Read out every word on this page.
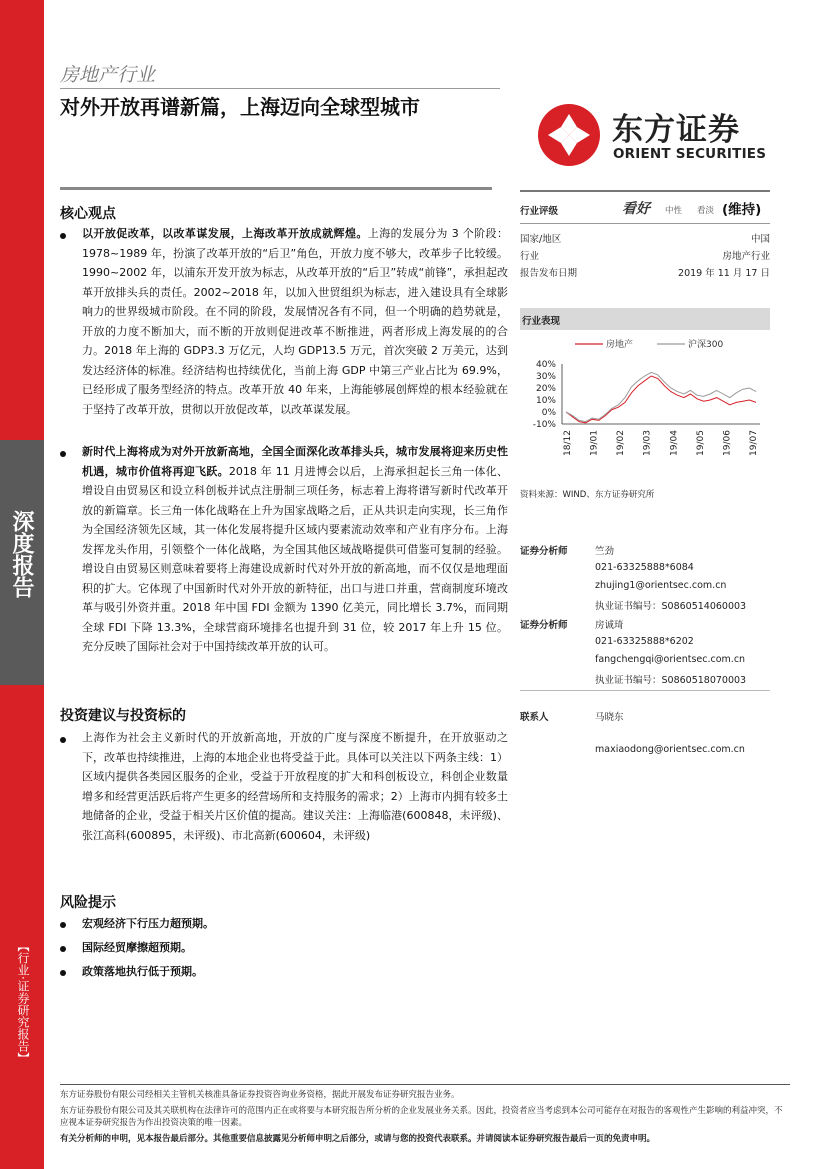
深度报告
【行业·证券研究报告】
房地产行业
对外开放再谱新篇，上海迈向全球型城市
东方证券
ORIENT SECURITIES
核心观点
以开放促改革，以改革谋发展，上海改革开放成就辉煌。上海的发展分为 3 个阶段：1978~1989 年，扮演了改革开放的“后卫”角色，开放力度不够大，改革步子比较缓。1990~2002 年，以浦东开发开放为标志，从改革开放的“后卫”转成“前锋”，承担起改革开放排头兵的责任。2002~2018 年，以加入世贸组织为标志，进入建设具有全球影响力的世界级城市阶段。在不同的阶段，发展情况各有不同，但一个明确的趋势就是，开放的力度不断加大，而不断的开放则促进改革不断推进，两者形成上海发展的的合力。2018 年上海的 GDP3.3 万亿元，人均 GDP13.5 万元，首次突破 2 万美元，达到发达经济体的标准。经济结构也持续优化，当前上海 GDP 中第三产业占比为 69.9%，已经形成了服务型经济的特点。改革开放 40 年来，上海能够展创辉煌的根本经验就在于坚持了改革开放，贯彻以开放促改革，以改革谋发展。
新时代上海将成为对外开放新高地，全国全面深化改革排头兵，城市发展将迎来历史性机遇，城市价值将再迎飞跃。2018 年 11 月进博会以后，上海承担起长三角一体化、增设自由贸易区和设立科创板并试点注册制三项任务，标志着上海将谱写新时代改革开放的新篇章。长三角一体化战略在上升为国家战略之后，正从共识走向实现，长三角作为全国经济领先区域，其一体化发展将提升区域内要素流动效率和产业有序分布。上海发挥龙头作用，引领整个一体化战略，为全国其他区域战略提供可借鉴可复制的经验。增设自由贸易区则意味着要将上海建设成新时代对外开放的新高地，而不仅仅是地理面积的扩大。它体现了中国新时代对外开放的新特征，出口与进口并重，营商制度环境改革与吸引外资并重。2018 年中国 FDI 金额为 1390 亿美元，同比增长 3.7%，而同期全球 FDI 下降 13.3%，全球营商环境排名也提升到 31 位，较 2017 年上升 15 位。充分反映了国际社会对于中国持续改革开放的认可。
投资建议与投资标的
上海作为社会主义新时代的开放新高地，开放的广度与深度不断提升，在开放驱动之下，改革也持续推进，上海的本地企业也将受益于此。具体可以关注以下两条主线：1）区域内提供各类园区服务的企业，受益于开放程度的扩大和科创板设立，科创企业数量增多和经营更活跃后将产生更多的经营场所和支持服务的需求；2）上海市内拥有较多土地储备的企业，受益于相关片区价值的提高。建议关注：上海临港(600848，未评级)、张江高科(600895，未评级)、市北高新(600604，未评级)
风险提示
宏观经济下行压力超预期。
国际经贸摩擦超预期。
政策落地执行低于预期。
行业评级	看好 中性 看淡 (维持)
国家/地区	中国
行业	房地产行业
报告发布日期	2019 年 11 月 17 日
行业表现
房地产	沪深300
40%
30%
20%
10%
0%
-10%
18/12 19/01 19/02 19/03 19/04 19/05 19/06 19/07
资料来源：WIND、东方证券研究所
证券分析师	竺劲
021-63325888*6084
zhujing1@orientsec.com.cn
执业证书编号：S0860514060003
证券分析师	房诚琦
021-63325888*6202
fangchengqi@orientsec.com.cn
执业证书编号：S0860518070003
联系人	马晓东
maxiaodong@orientsec.com.cn
东方证券股份有限公司经相关主管机关核准具备证券投资咨询业务资格，据此开展发布证券研究报告业务。
东方证券股份有限公司及其关联机构在法律许可的范围内正在或将要与本研究报告所分析的企业发展业务关系。因此，投资者应当考虑到本公司可能存在对报告的客观性产生影响的利益冲突，不应视本证券研究报告为作出投资决策的唯一因素。
有关分析师的申明，见本报告最后部分。其他重要信息披露见分析师申明之后部分，或请与您的投资代表联系。并请阅读本证券研究报告最后一页的免责申明。
